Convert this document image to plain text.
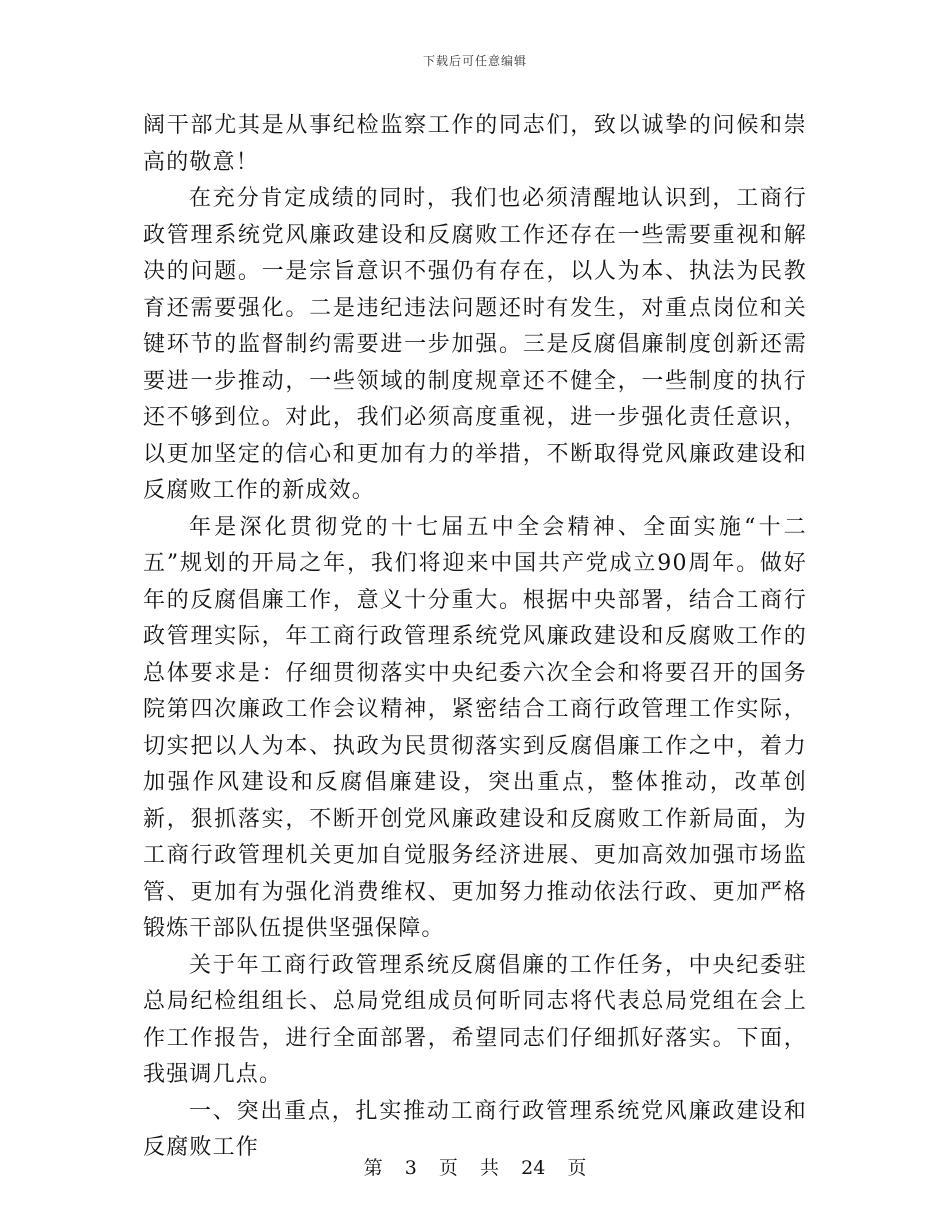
下载后可任意编辑

阔干部尤其是从事纪检监察工作的同志们，致以诚挚的问候和崇高的敬意！

在充分肯定成绩的同时，我们也必须清醒地认识到，工商行政管理系统党风廉政建设和反腐败工作还存在一些需要重视和解决的问题。一是宗旨意识不强仍有存在，以人为本、执法为民教育还需要强化。二是违纪违法问题还时有发生，对重点岗位和关键环节的监督制约需要进一步加强。三是反腐倡廉制度创新还需要进一步推动，一些领域的制度规章还不健全，一些制度的执行还不够到位。对此，我们必须高度重视，进一步强化责任意识，以更加坚定的信心和更加有力的举措，不断取得党风廉政建设和反腐败工作的新成效。

年是深化贯彻党的十七届五中全会精神、全面实施“十二五”规划的开局之年，我们将迎来中国共产党成立90周年。做好年的反腐倡廉工作，意义十分重大。根据中央部署，结合工商行政管理实际，年工商行政管理系统党风廉政建设和反腐败工作的总体要求是：仔细贯彻落实中央纪委六次全会和将要召开的国务院第四次廉政工作会议精神，紧密结合工商行政管理工作实际，切实把以人为本、执政为民贯彻落实到反腐倡廉工作之中，着力加强作风建设和反腐倡廉建设，突出重点，整体推动，改革创新，狠抓落实，不断开创党风廉政建设和反腐败工作新局面，为工商行政管理机关更加自觉服务经济进展、更加高效加强市场监管、更加有为强化消费维权、更加努力推动依法行政、更加严格锻炼干部队伍提供坚强保障。

关于年工商行政管理系统反腐倡廉的工作任务，中央纪委驻总局纪检组组长、总局党组成员何昕同志将代表总局党组在会上作工作报告，进行全面部署，希望同志们仔细抓好落实。下面，我强调几点。

一、突出重点，扎实推动工商行政管理系统党风廉政建设和反腐败工作

第 3 页 共 24 页
